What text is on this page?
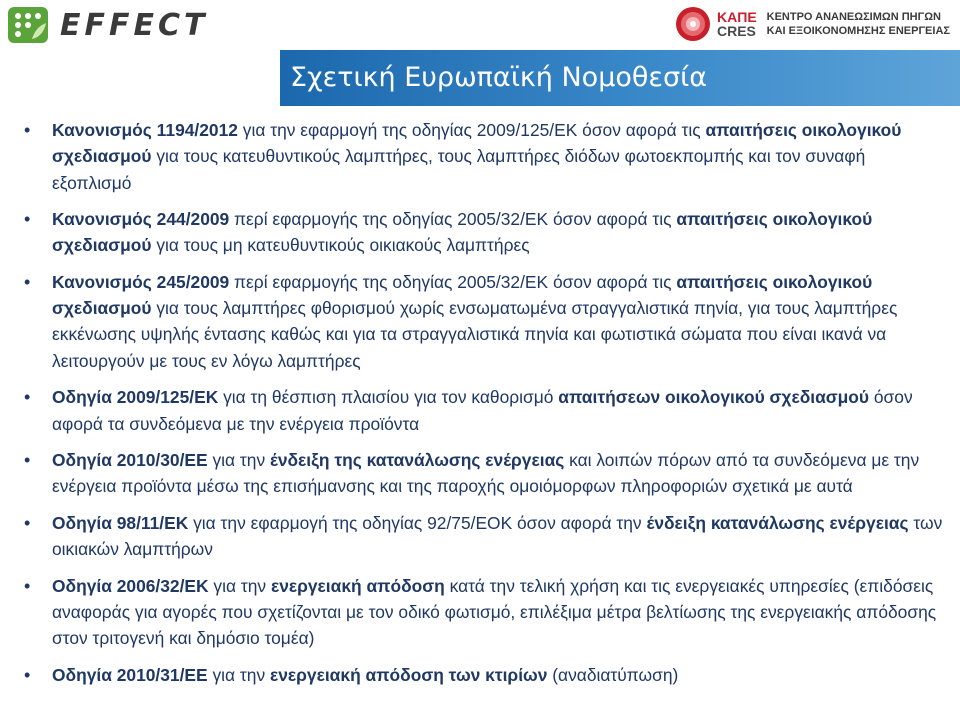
EFFECT	ΚΑΠΕ
CRES
ΚΕΝΤΡΟ ΑΝΑΝΕΩΣΙΜΩΝ ΠΗΓΩΝ
ΚΑΙ ΕΞΟΙΚΟΝΟΜΗΣΗΣ ΕΝΕΡΓΕΙΑΣ
Σχετική Ευρωπαϊκή Νομοθεσία
• Κανονισμός 1194/2012 για την εφαρμογή της οδηγίας 2009/125/ΕΚ όσον αφορά τις απαιτήσεις οικολογικού σχεδιασμού για τους κατευθυντικούς λαμπτήρες, τους λαμπτήρες διόδων φωτοεκπομπής και τον συναφή εξοπλισμό
• Κανονισμός 244/2009 περί εφαρμογής της οδηγίας 2005/32/ΕΚ όσον αφορά τις απαιτήσεις οικολογικού σχεδιασμού για τους μη κατευθυντικούς οικιακούς λαμπτήρες
• Κανονισμός 245/2009 περί εφαρμογής της οδηγίας 2005/32/ΕΚ όσον αφορά τις απαιτήσεις οικολογικού σχεδιασμού για τους λαμπτήρες φθορισμού χωρίς ενσωματωμένα στραγγαλιστικά πηνία, για τους λαμπτήρες εκκένωσης υψηλής έντασης καθώς και για τα στραγγαλιστικά πηνία και φωτιστικά σώματα που είναι ικανά να λειτουργούν με τους εν λόγω λαμπτήρες
• Οδηγία 2009/125/ΕΚ για τη θέσπιση πλαισίου για τον καθορισμό απαιτήσεων οικολογικού σχεδιασμού όσον αφορά τα συνδεόμενα με την ενέργεια προϊόντα
• Οδηγία 2010/30/ΕΕ για την ένδειξη της κατανάλωσης ενέργειας και λοιπών πόρων από τα συνδεόμενα με την ενέργεια προϊόντα μέσω της επισήμανσης και της παροχής ομοιόμορφων πληροφοριών σχετικά με αυτά
• Οδηγία 98/11/ΕΚ για την εφαρμογή της οδηγίας 92/75/ΕΟΚ όσον αφορά την ένδειξη κατανάλωσης ενέργειας των οικιακών λαμπτήρων
• Οδηγία 2006/32/ΕΚ για την ενεργειακή απόδοση κατά την τελική χρήση και τις ενεργειακές υπηρεσίες (επιδόσεις αναφοράς για αγορές που σχετίζονται με τον οδικό φωτισμό, επιλέξιμα μέτρα βελτίωσης της ενεργειακής απόδοσης στον τριτογενή και δημόσιο τομέα)
• Οδηγία 2010/31/ΕΕ για την ενεργειακή απόδοση των κτιρίων (αναδιατύπωση)
